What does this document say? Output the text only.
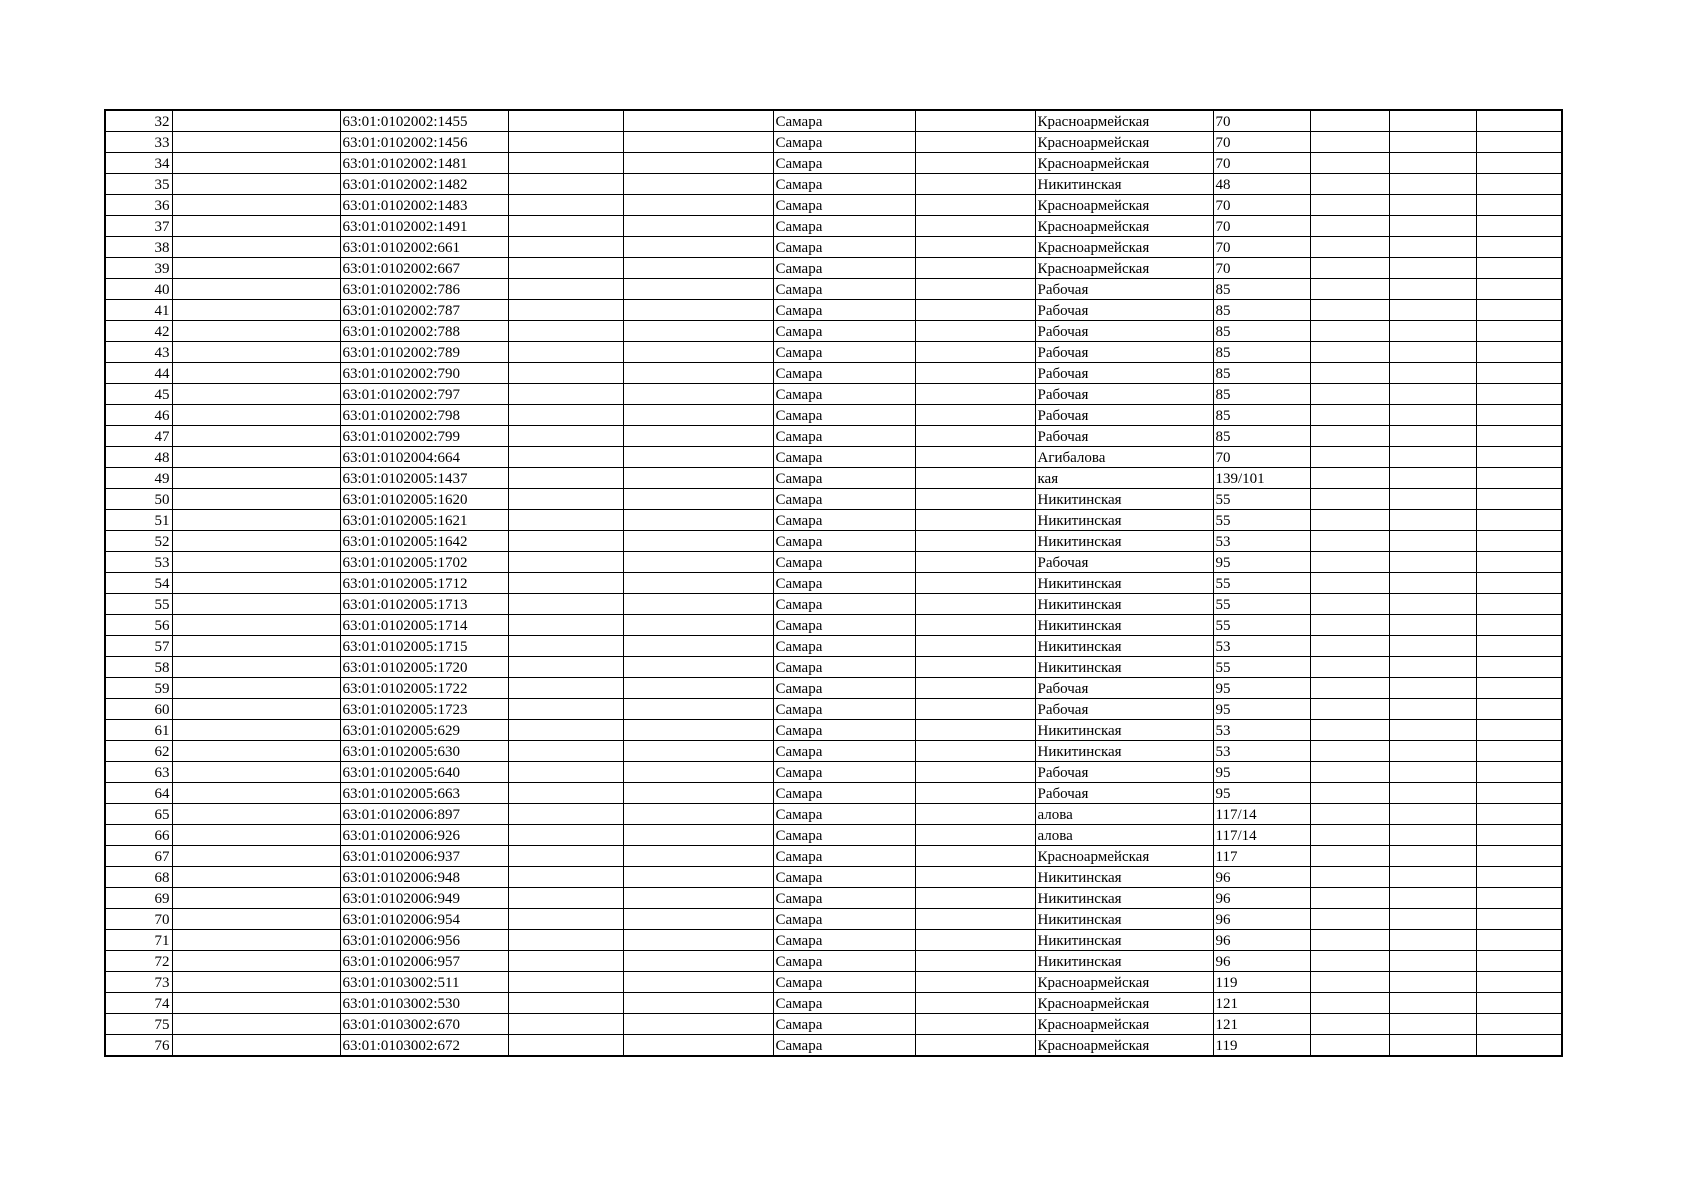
32		63:01:0102002:1455			Самара		Красноармейская	70			
33		63:01:0102002:1456			Самара		Красноармейская	70			
34		63:01:0102002:1481			Самара		Красноармейская	70			
35		63:01:0102002:1482			Самара		Никитинская	48			
36		63:01:0102002:1483			Самара		Красноармейская	70			
37		63:01:0102002:1491			Самара		Красноармейская	70			
38		63:01:0102002:661			Самара		Красноармейская	70			
39		63:01:0102002:667			Самара		Красноармейская	70			
40		63:01:0102002:786			Самара		Рабочая	85			
41		63:01:0102002:787			Самара		Рабочая	85			
42		63:01:0102002:788			Самара		Рабочая	85			
43		63:01:0102002:789			Самара		Рабочая	85			
44		63:01:0102002:790			Самара		Рабочая	85			
45		63:01:0102002:797			Самара		Рабочая	85			
46		63:01:0102002:798			Самара		Рабочая	85			
47		63:01:0102002:799			Самара		Рабочая	85			
48		63:01:0102004:664			Самара		Агибалова	70			
49		63:01:0102005:1437			Самара		кая	139/101			
50		63:01:0102005:1620			Самара		Никитинская	55			
51		63:01:0102005:1621			Самара		Никитинская	55			
52		63:01:0102005:1642			Самара		Никитинская	53			
53		63:01:0102005:1702			Самара		Рабочая	95			
54		63:01:0102005:1712			Самара		Никитинская	55			
55		63:01:0102005:1713			Самара		Никитинская	55			
56		63:01:0102005:1714			Самара		Никитинская	55			
57		63:01:0102005:1715			Самара		Никитинская	53			
58		63:01:0102005:1720			Самара		Никитинская	55			
59		63:01:0102005:1722			Самара		Рабочая	95			
60		63:01:0102005:1723			Самара		Рабочая	95			
61		63:01:0102005:629			Самара		Никитинская	53			
62		63:01:0102005:630			Самара		Никитинская	53			
63		63:01:0102005:640			Самара		Рабочая	95			
64		63:01:0102005:663			Самара		Рабочая	95			
65		63:01:0102006:897			Самара		алова	117/14			
66		63:01:0102006:926			Самара		алова	117/14			
67		63:01:0102006:937			Самара		Красноармейская	117			
68		63:01:0102006:948			Самара		Никитинская	96			
69		63:01:0102006:949			Самара		Никитинская	96			
70		63:01:0102006:954			Самара		Никитинская	96			
71		63:01:0102006:956			Самара		Никитинская	96			
72		63:01:0102006:957			Самара		Никитинская	96			
73		63:01:0103002:511			Самара		Красноармейская	119			
74		63:01:0103002:530			Самара		Красноармейская	121			
75		63:01:0103002:670			Самара		Красноармейская	121			
76		63:01:0103002:672			Самара		Красноармейская	119			
